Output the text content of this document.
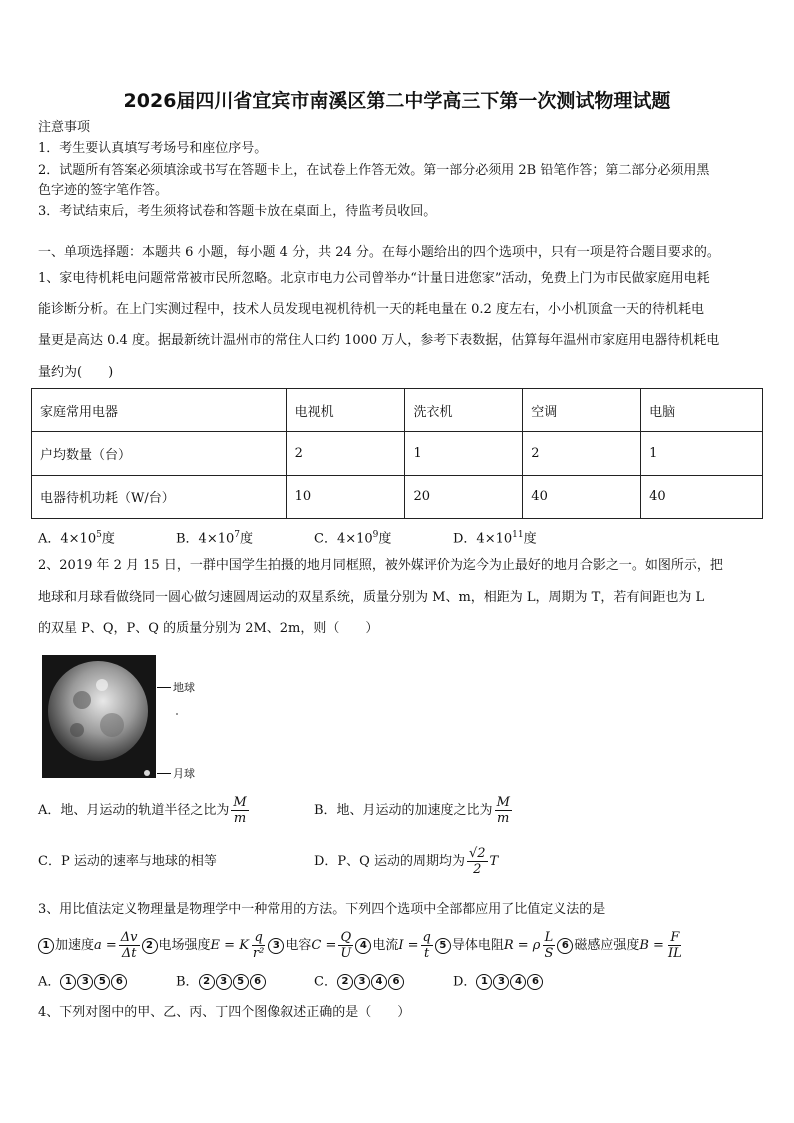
2026届四川省宜宾市南溪区第二中学高三下第一次测试物理试题
注意事项
1．考生要认真填写考场号和座位序号。
2．试题所有答案必须填涂或书写在答题卡上，在试卷上作答无效。第一部分必须用 2B 铅笔作答；第二部分必须用黑
色字迹的签字笔作答。
3．考试结束后，考生须将试卷和答题卡放在桌面上，待监考员收回。
一、单项选择题：本题共 6 小题，每小题 4 分，共 24 分。在每小题给出的四个选项中，只有一项是符合题目要求的。
1、家电待机耗电问题常常被市民所忽略。北京市电力公司曾举办“计量日进您家”活动，免费上门为市民做家庭用电耗
能诊断分析。在上门实测过程中，技术人员发现电视机待机一天的耗电量在 0.2 度左右，小小机顶盒一天的待机耗电
量更是高达 0.4 度。据最新统计温州市的常住人口约 1000 万人，参考下表数据，估算每年温州市家庭用电器待机耗电
量约为(　　)
家庭常用电器	电视机	洗衣机	空调	电脑
户均数量（台）	2	1	2	1
电器待机功耗（W/台）	10	20	40	40
A．$4\times 10^5$度	B．$4\times 10^7$度	C．$4\times 10^9$度	D．$4\times 10^{11}$度
2、2019 年 2 月 15 日，一群中国学生拍摄的地月同框照，被外媒评价为迄今为止最好的地月合影之一。如图所示，把
地球和月球看做绕同一圆心做匀速圆周运动的双星系统，质量分别为 M、m，相距为 L，周期为 T，若有间距也为 L
的双星 P、Q，P、Q 的质量分别为 2M、2m，则（　　）
地球
月球
A．地、月运动的轨道半径之比为 $\frac{M}{m}$	B．地、月运动的加速度之比为 $\frac{M}{m}$
C．P 运动的速率与地球的相等	D．P、Q 运动的周期均为 $\frac{√2}{2}$ T
3、用比值法定义物理量是物理学中一种常用的方法。下列四个选项中全部都应用了比值定义法的是
1 加速度 $a = \frac{\Delta v}{\Delta t} 2$ 电场强度 E = K $\frac{q}{\text{r²}} 3$ 电容 $C = \frac{Q}{U} 4$ 电流 $I = \frac{q}{t} 5$ 导体电阻 R = ρ $\frac{L}{S} 6$ 磁感应强度 $B = \frac{F}{IL}$
A． 1 3 5 6	B． 2 3 5 6	C． 2 3 4 6	D． 1 3 4 6
4、下列对图中的甲、乙、丙、丁四个图像叙述正确的是（　　）
